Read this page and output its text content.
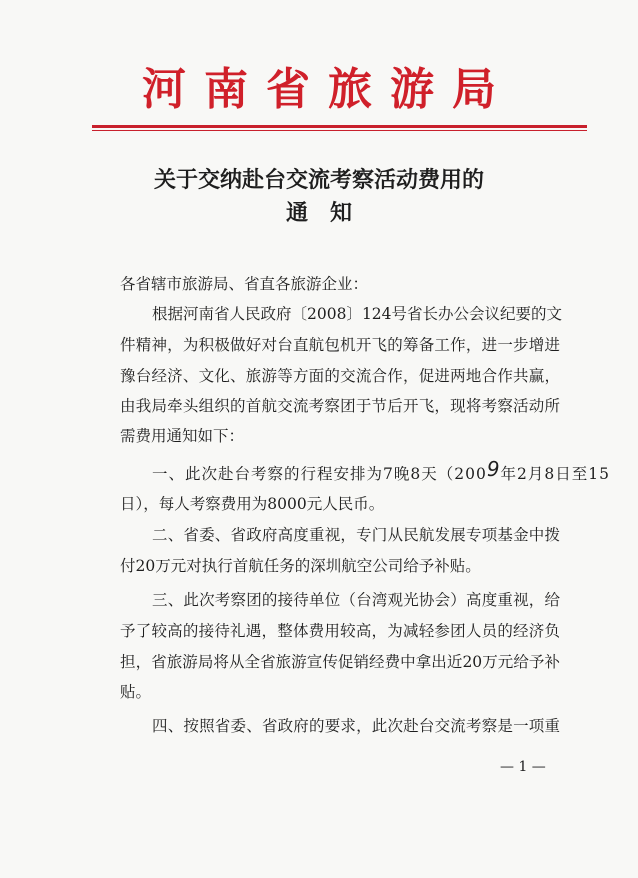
河南省旅游局
关于交纳赴台交流考察活动费用的
通知
各省辖市旅游局、省直各旅游企业：
根据河南省人民政府〔2008〕124号省长办公会议纪要的文
件精神，为积极做好对台直航包机开飞的筹备工作，进一步增进
豫台经济、文化、旅游等方面的交流合作，促进两地合作共赢，
由我局牵头组织的首航交流考察团于节后开飞，现将考察活动所
需费用通知如下：
一、此次赴台考察的行程安排为7晚8天（2009年2月8日至15
日），每人考察费用为8000元人民币。
二、省委、省政府高度重视，专门从民航发展专项基金中拨
付20万元对执行首航任务的深圳航空公司给予补贴。
三、此次考察团的接待单位（台湾观光协会）高度重视，给
予了较高的接待礼遇，整体费用较高，为减轻参团人员的经济负
担，省旅游局将从全省旅游宣传促销经费中拿出近20万元给予补
贴。
四、按照省委、省政府的要求，此次赴台交流考察是一项重
— 1 —
